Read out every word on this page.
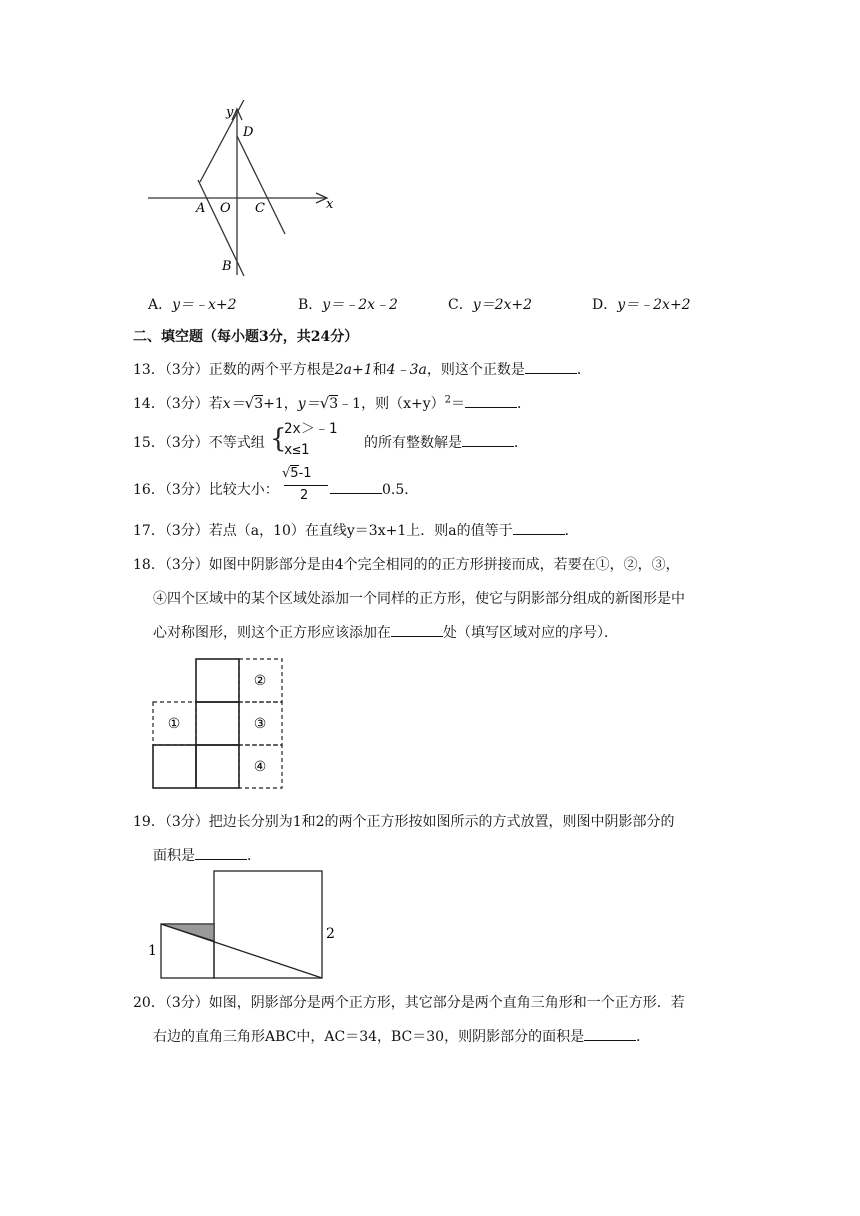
y
D
A O C	x
B
A．y＝﹣x+2	B．y＝﹣2x﹣2	C．y＝2x+2	D．y＝﹣2x+2
二、填空题（每小题3分，共24分）
13．（3分）正数的两个平方根是2a+1和4﹣3a，则这个正数是	．
14．（3分）若x＝√3+1，y＝√3﹣1，则$(x+y)^2=$	．
15．（3分）不等式组 {
2x＞﹣1
x≤1	的所有整数解是	．
16．（3分）比较大小：
√5-1
2	0.5．
17．（3分）若点（a，10）在直线y＝3x+1上．则a的值等于	．
18．（3分）如图中阴影部分是由4个完全相同的的正方形拼接而成，若要在①，②，③，
④四个区域中的某个区域处添加一个同样的正方形，使它与阴影部分组成的新图形是中
心对称图形，则这个正方形应该添加在	处（填写区域对应的序号）．
①
②
③
④
19．（3分）把边长分别为1和2的两个正方形按如图所示的方式放置，则图中阴影部分的
面积是	．
1
2
20．（3分）如图，阴影部分是两个正方形，其它部分是两个直角三角形和一个正方形．若
右边的直角三角形ABC中，AC＝34，BC＝30，则阴影部分的面积是	．
